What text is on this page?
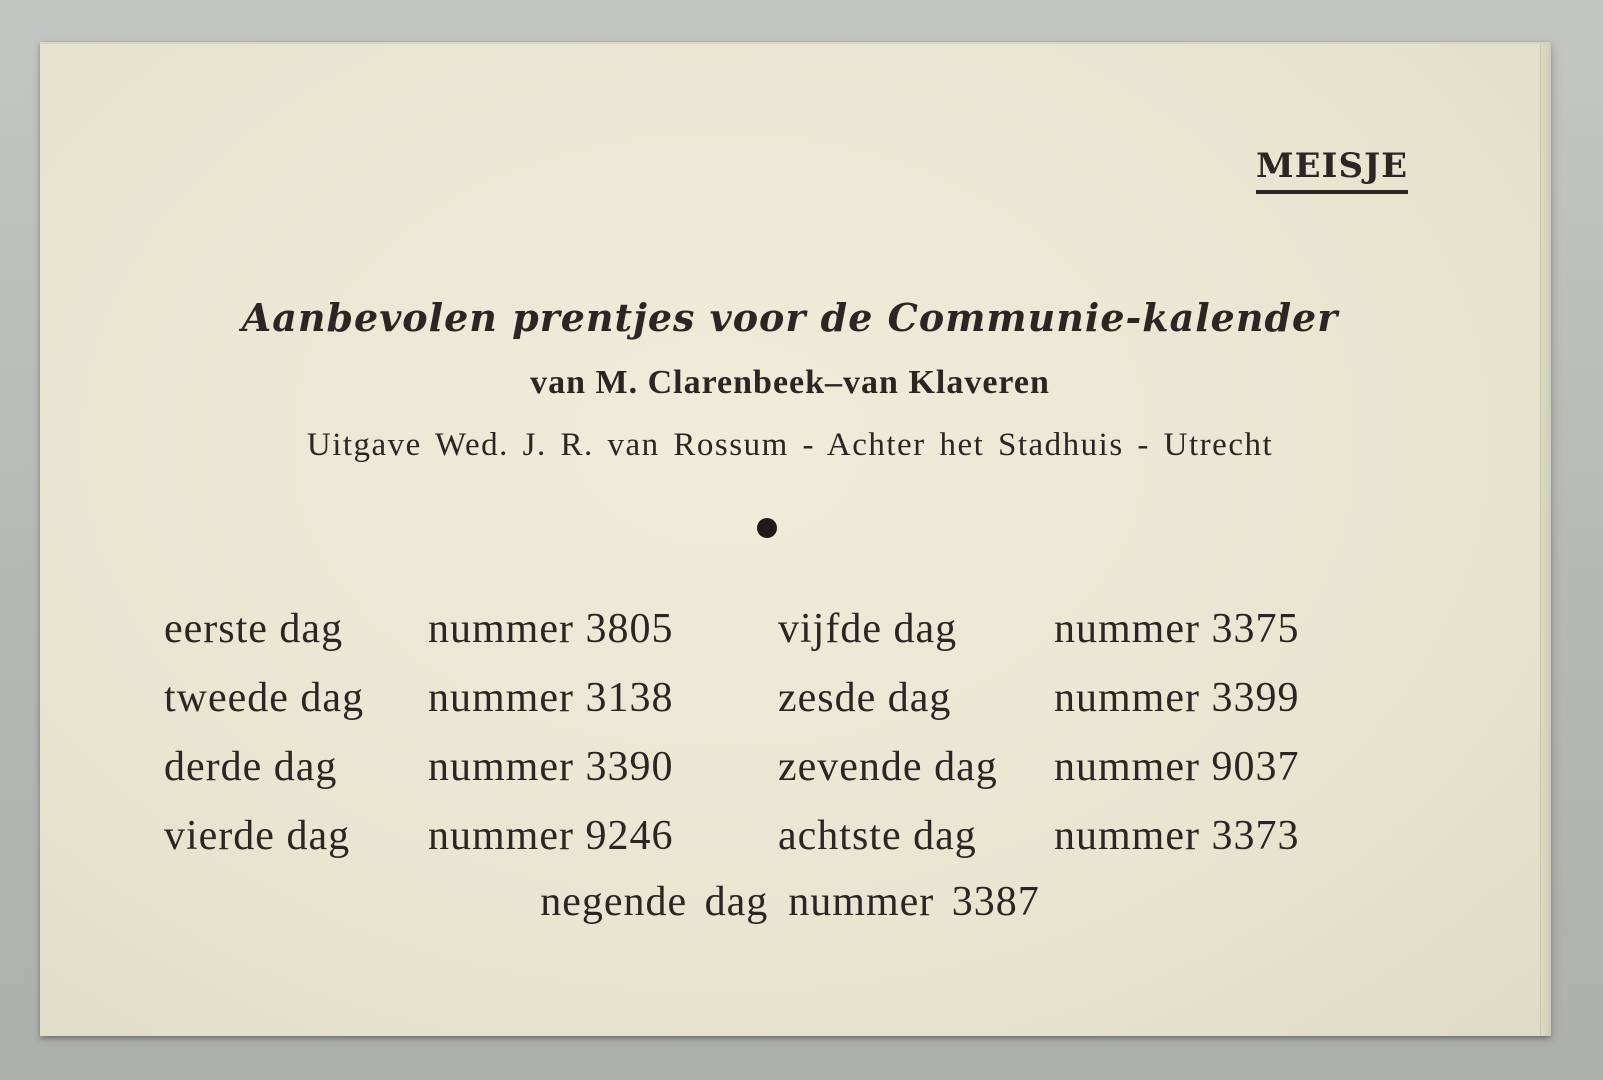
MEISJE
Aanbevolen prentjes voor de Communie-kalender
van M. Clarenbeek–van Klaveren
Uitgave Wed. J. R. van Rossum - Achter het Stadhuis - Utrecht
eerste dag	nummer 3805	vijfde dag	nummer 3375
tweede dag	nummer 3138	zesde dag	nummer 3399
derde dag	nummer 3390	zevende dag	nummer 9037
vierde dag	nummer 9246	achtste dag	nummer 3373
negende dag nummer 3387
